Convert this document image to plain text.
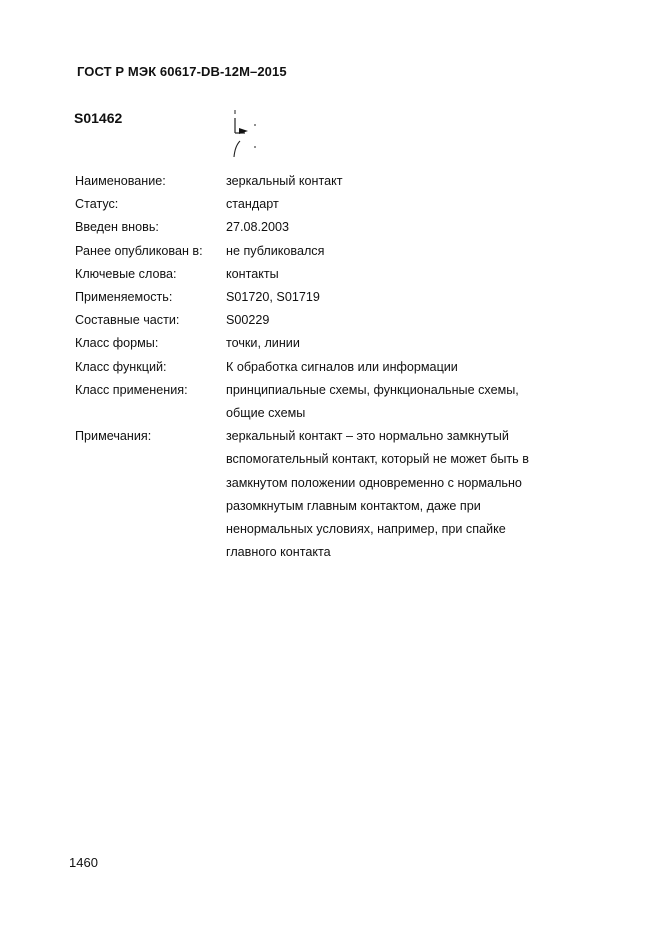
ГОСТ Р МЭК 60617-DB-12M–2015
S01462
Наименование:	зеркальный контакт
Статус:	стандарт
Введен вновь:	27.08.2003
Ранее опубликован в:	не публиковался
Ключевые слова:	контакты
Применяемость:	S01720, S01719
Составные части:	S00229
Класс формы:	точки, линии
Класс функций:	К обработка сигналов или информации
Класс применения:	принципиальные схемы, функциональные схемы,
общие схемы
Примечания:	зеркальный контакт – это нормально замкнутый
вспомогательный контакт, который не может быть в
замкнутом положении одновременно с нормально
разомкнутым главным контактом, даже при
ненормальных условиях, например, при спайке
главного контакта
1460
